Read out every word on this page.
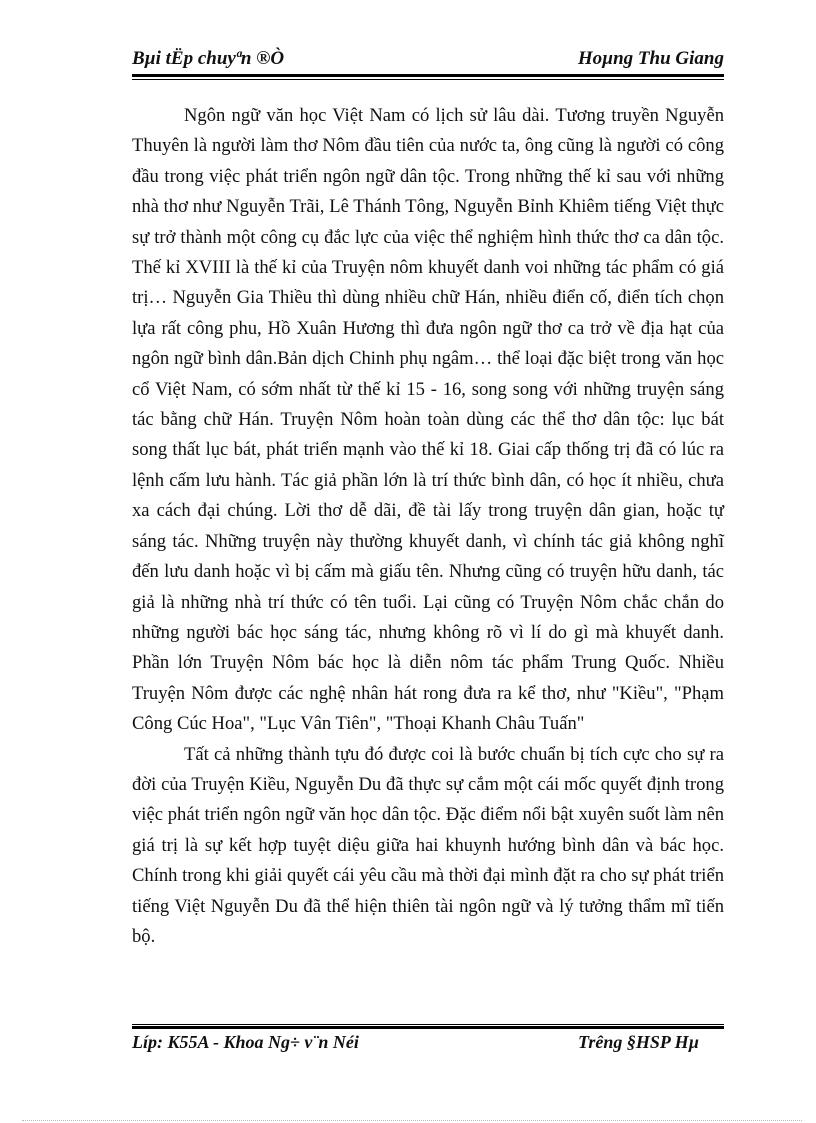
Bµi tËp chuyªn ®Ò	Hoµng Thu Giang

Ngôn ngữ văn học Việt Nam có lịch sử lâu dài. Tương truyền Nguyễn Thuyên là người làm thơ Nôm đầu tiên của nước ta, ông cũng là người có công đầu trong việc phát triển ngôn ngữ dân tộc. Trong những thế kỉ sau với những nhà thơ như Nguyễn Trãi, Lê Thánh Tông, Nguyễn Bỉnh Khiêm tiếng Việt thực sự trở thành một công cụ đắc lực của việc thể nghiệm hình thức thơ ca dân tộc. Thế kỉ XVIII là thế kỉ của Truyện nôm khuyết danh voi những tác phẩm có giá trị… Nguyễn Gia Thiều thì dùng nhiều chữ Hán, nhiều điển cố, điển tích chọn lựa rất công phu, Hồ Xuân Hương thì đưa ngôn ngữ thơ ca trở về địa hạt của ngôn ngữ bình dân.Bản dịch Chinh phụ ngâm… thể loại đặc biệt trong văn học cổ Việt Nam, có sớm nhất từ thế kỉ 15 - 16, song song với những truyện sáng tác bằng chữ Hán. Truyện Nôm hoàn toàn dùng các thể thơ dân tộc: lục bát song thất lục bát, phát triển mạnh vào thế kỉ 18. Giai cấp thống trị đã có lúc ra lệnh cấm lưu hành. Tác giả phần lớn là trí thức bình dân, có học ít nhiều, chưa xa cách đại chúng. Lời thơ dễ dãi, đề tài lấy trong truyện dân gian, hoặc tự sáng tác. Những truyện này thường khuyết danh, vì chính tác giả không nghĩ đến lưu danh hoặc vì bị cấm mà giấu tên. Nhưng cũng có truyện hữu danh, tác giả là những nhà trí thức có tên tuổi. Lại cũng có Truyện Nôm chắc chắn do những người bác học sáng tác, nhưng không rõ vì lí do gì mà khuyết danh. Phần lớn Truyện Nôm bác học là diễn nôm tác phẩm Trung Quốc. Nhiều Truyện Nôm được các nghệ nhân hát rong đưa ra kể thơ, như "Kiều", "Phạm Công Cúc Hoa", "Lục Vân Tiên", "Thoại Khanh Châu Tuấn"

Tất cả những thành tựu đó được coi là bước chuẩn bị tích cực cho sự ra đời của Truyện Kiều, Nguyễn Du đã thực sự cắm một cái mốc quyết định trong việc phát triển ngôn ngữ văn học dân tộc. Đặc điểm nổi bật xuyên suốt làm nên giá trị là sự kết hợp tuyệt diệu giữa hai khuynh hướng bình dân và bác học. Chính trong khi giải quyết cái yêu cầu mà thời đại mình đặt ra cho sự phát triển tiếng Việt Nguyễn Du đã thể hiện thiên tài ngôn ngữ và lý tưởng thẩm mĩ tiến bộ.

Líp: K55A - Khoa Ng÷ v¨n Néi	Trêng §HSP Hµ
